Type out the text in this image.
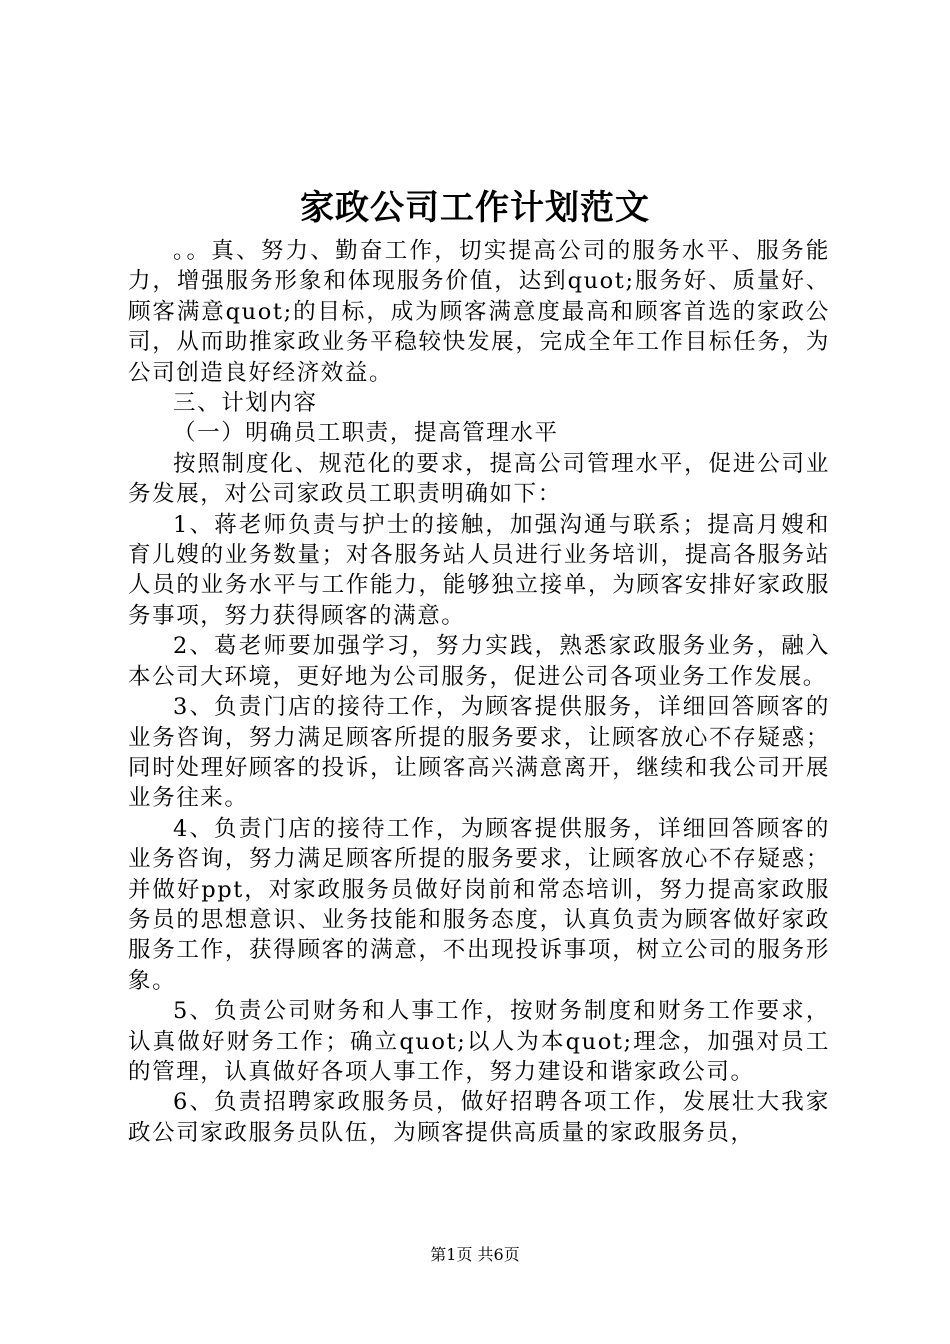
家政公司工作计划范文

。。真、努力、勤奋工作，切实提高公司的服务水平、服务能力，增强服务形象和体现服务价值，达到quot;服务好、质量好、顾客满意quot;的目标，成为顾客满意度最高和顾客首选的家政公司，从而助推家政业务平稳较快发展，完成全年工作目标任务，为公司创造良好经济效益。

三、计划内容

（一）明确员工职责，提高管理水平

按照制度化、规范化的要求，提高公司管理水平，促进公司业务发展，对公司家政员工职责明确如下：

1、蒋老师负责与护士的接触，加强沟通与联系；提高月嫂和育儿嫂的业务数量；对各服务站人员进行业务培训，提高各服务站人员的业务水平与工作能力，能够独立接单，为顾客安排好家政服务事项，努力获得顾客的满意。

2、葛老师要加强学习，努力实践，熟悉家政服务业务，融入本公司大环境，更好地为公司服务，促进公司各项业务工作发展。

3、负责门店的接待工作，为顾客提供服务，详细回答顾客的业务咨询，努力满足顾客所提的服务要求，让顾客放心不存疑惑；同时处理好顾客的投诉，让顾客高兴满意离开，继续和我公司开展业务往来。

4、负责门店的接待工作，为顾客提供服务，详细回答顾客的业务咨询，努力满足顾客所提的服务要求，让顾客放心不存疑惑；并做好ppt，对家政服务员做好岗前和常态培训，努力提高家政服务员的思想意识、业务技能和服务态度，认真负责为顾客做好家政服务工作，获得顾客的满意，不出现投诉事项，树立公司的服务形象。

5、负责公司财务和人事工作，按财务制度和财务工作要求，认真做好财务工作；确立quot;以人为本quot;理念，加强对员工的管理，认真做好各项人事工作，努力建设和谐家政公司。

6、负责招聘家政服务员，做好招聘各项工作，发展壮大我家政公司家政服务员队伍，为顾客提供高质量的家政服务员，

第1页 共6页
